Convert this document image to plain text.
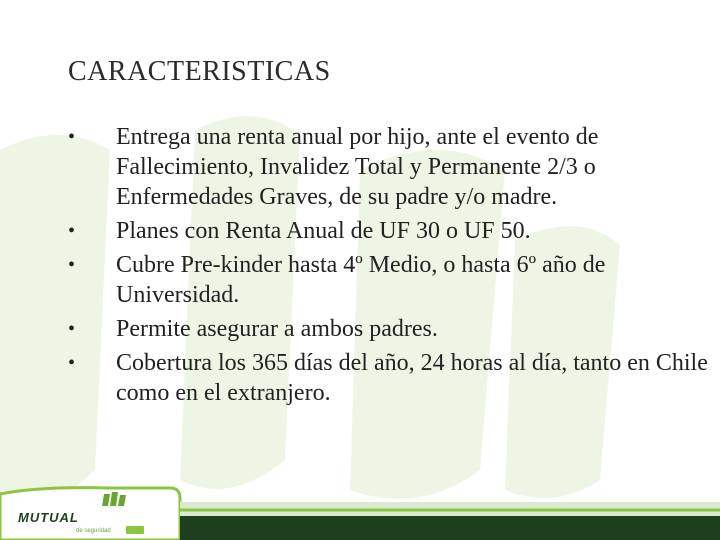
CARACTERISTICAS
•	Entrega una renta anual por hijo, ante el evento de Fallecimiento, Invalidez Total y Permanente 2/3 o Enfermedades Graves, de su padre y/o madre.
•	Planes con Renta Anual de UF 30 o UF 50.
•	Cubre Pre-kinder hasta 4º Medio, o hasta 6º año de Universidad.
•	Permite asegurar a ambos padres.
•	Cobertura los 365 días del año, 24 horas al día, tanto en Chile como en el extranjero.
MUTUAL
de seguridad
